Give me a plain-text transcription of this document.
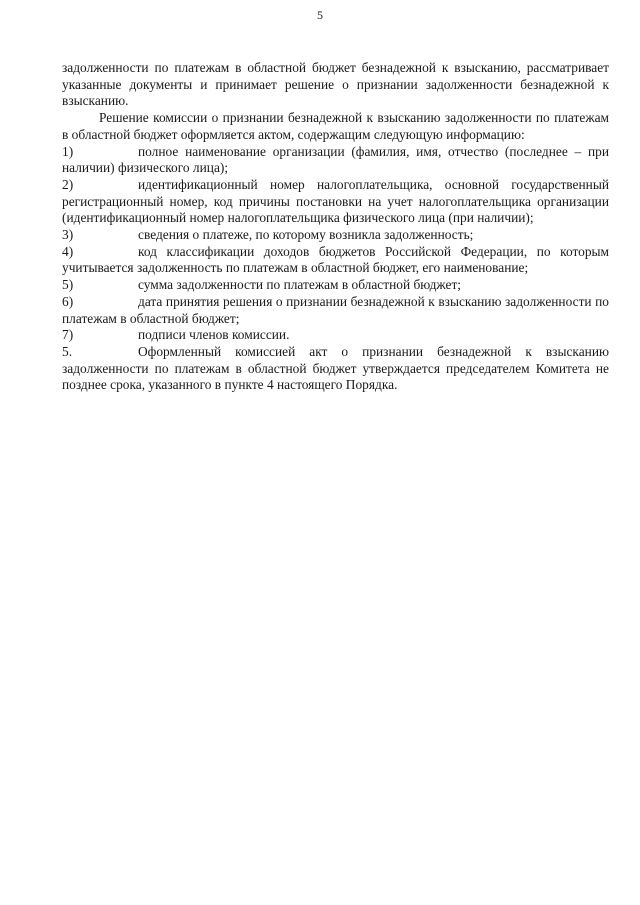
5

задолженности по платежам в областной бюджет безнадежной к взысканию, рассматривает указанные документы и принимает решение о признании задолженности безнадежной к взысканию.

Решение комиссии о признании безнадежной к взысканию задолженности по платежам в областной бюджет оформляется актом, содержащим следующую информацию:

1)	полное наименование организации (фамилия, имя, отчество (последнее – при наличии) физического лица);

2)	идентификационный номер налогоплательщика, основной государственный регистрационный номер, код причины постановки на учет налогоплательщика организации (идентификационный номер налогоплательщика физического лица (при наличии);

3)	сведения о платеже, по которому возникла задолженность;

4)	код классификации доходов бюджетов Российской Федерации, по которым учитывается задолженность по платежам в областной бюджет, его наименование;

5)	сумма задолженности по платежам в областной бюджет;

6)	дата принятия решения о признании безнадежной к взысканию задолженности по платежам в областной бюджет;

7)	подписи членов комиссии.

5.	Оформленный комиссией акт о признании безнадежной к взысканию задолженности по платежам в областной бюджет утверждается председателем Комитета не позднее срока, указанного в пункте 4 настоящего Порядка.
